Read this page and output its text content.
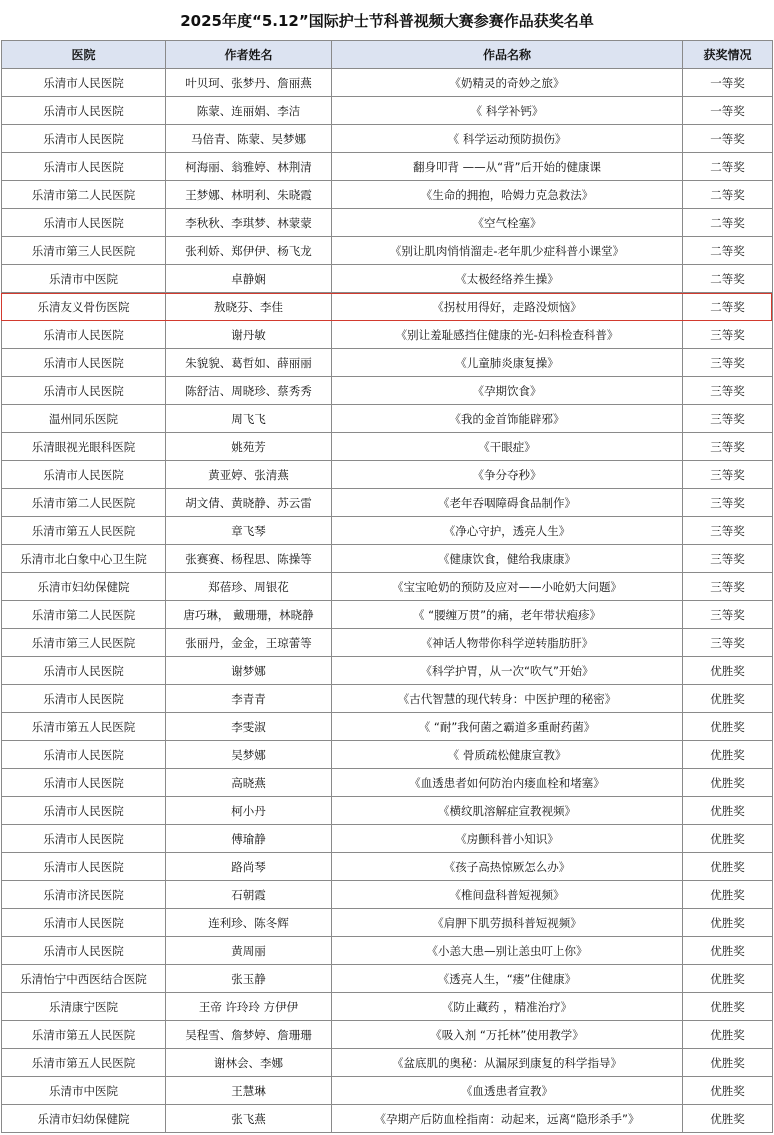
2025年度“5.12”国际护士节科普视频大赛参赛作品获奖名单
医院	作者姓名	作品名称	获奖情况
乐清市人民医院	叶贝珂、张梦丹、詹丽燕	《奶精灵的奇妙之旅》	一等奖
乐清市人民医院	陈蒙、连丽娟、李洁	《 科学补钙》	一等奖
乐清市人民医院	马倍青、陈蒙、吴梦娜	《 科学运动预防损伤》	一等奖
乐清市人民医院	柯海丽、翁雅婷、林荆清	翻身叩背 ——从“背”后开始的健康课	二等奖
乐清市第二人民医院	王梦娜、林明利、朱晓霞	《生命的拥抱，哈姆力克急救法》	二等奖
乐清市人民医院	李秋秋、李琪梦、林蒙蒙	《空气栓塞》	二等奖
乐清市第三人民医院	张利娇、郑伊伊、杨飞龙	《别让肌肉悄悄溜走-老年肌少症科普小课堂》	二等奖
乐清市中医院	卓静娴	《太极经络养生操》	二等奖
乐清友义骨伤医院	敖晓芬、李佳	《拐杖用得好，走路没烦恼》	二等奖
乐清市人民医院	谢丹敏	《别让羞耻感挡住健康的光-妇科检查科普》	三等奖
乐清市人民医院	朱貌貌、葛哲如、薛丽丽	《儿童肺炎康复操》	三等奖
乐清市人民医院	陈舒洁、周晓珍、蔡秀秀	《孕期饮食》	三等奖
温州同乐医院	周飞飞	《我的金首饰能辟邪》	三等奖
乐清眼视光眼科医院	姚苑芳	《干眼症》	三等奖
乐清市人民医院	黄亚婷、张清燕	《争分夺秒》	三等奖
乐清市第二人民医院	胡文倩、黄晓静、苏云雷	《老年吞咽障碍食品制作》	三等奖
乐清市第五人民医院	章飞琴	《净心守护，透亮人生》	三等奖
乐清市北白象中心卫生院	张赛赛、杨程思、陈操等	《健康饮食，健给我康康》	三等奖
乐清市妇幼保健院	郑蓓珍、周银花	《宝宝呛奶的预防及应对——小呛奶大问题》	三等奖
乐清市第二人民医院	唐巧琳， 戴珊珊，林晓静	《 “腰缠万贯”的痛，老年带状疱疹》	三等奖
乐清市第三人民医院	张丽丹，金金，王琼蕾等	《神话人物带你科学逆转脂肪肝》	三等奖
乐清市人民医院	谢梦娜	《科学护胃，从一次“吹气”开始》	优胜奖
乐清市人民医院	李青青	《古代智慧的现代转身：中医护理的秘密》	优胜奖
乐清市第五人民医院	李雯淑	《 “耐”我何菌之霸道多重耐药菌》	优胜奖
乐清市人民医院	吴梦娜	《 骨质疏松健康宣教》	优胜奖
乐清市人民医院	高晓燕	《血透患者如何防治内瘘血栓和堵塞》	优胜奖
乐清市人民医院	柯小丹	《横纹肌溶解症宣教视频》	优胜奖
乐清市人民医院	傅瑜静	《房颤科普小知识》	优胜奖
乐清市人民医院	路尚琴	《孩子高热惊厥怎么办》	优胜奖
乐清市济民医院	石朝霞	《椎间盘科普短视频》	优胜奖
乐清市人民医院	连利珍、陈冬辉	《肩胛下肌劳损科普短视频》	优胜奖
乐清市人民医院	黄周丽	《小恙大患—别让恙虫叮上你》	优胜奖
乐清怡宁中西医结合医院	张玉静	《透亮人生，“瘘”住健康》	优胜奖
乐清康宁医院	王帝 许玲玲 方伊伊	《防止藏药 ，精准治疗》	优胜奖
乐清市第五人民医院	吴程雪、詹梦婷、詹珊珊	《吸入剂 “万托林”使用教学》	优胜奖
乐清市第五人民医院	谢林会、李娜	《盆底肌的奥秘：从漏尿到康复的科学指导》	优胜奖
乐清市中医院	王慧琳	《血透患者宣教》	优胜奖
乐清市妇幼保健院	张飞燕	《孕期产后防血栓指南：动起来，远离“隐形杀手”》	优胜奖
